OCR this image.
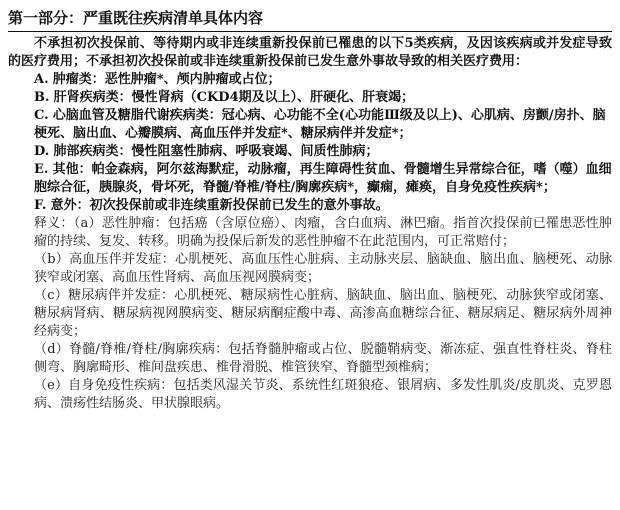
第一部分：严重既往疾病清单具体内容

不承担初次投保前、等待期内或非连续重新投保前已罹患的以下5类疾病，及因该疾病或并发症导致的医疗费用；不承担初次投保前或非连续重新投保前已发生意外事故导致的相关医疗费用：

A. 肿瘤类：恶性肿瘤*、颅内肿瘤或占位；
B. 肝肾疾病类：慢性肾病（CKD4期及以上）、肝硬化、肝衰竭；
C. 心脑血管及糖脂代谢疾病类：冠心病、心功能不全(心功能Ⅲ级及以上)、心肌病、房颤/房扑、脑梗死、脑出血、心瓣膜病、高血压伴并发症*、糖尿病伴并发症*；
D. 肺部疾病类：慢性阻塞性肺病、呼吸衰竭、间质性肺病；
E. 其他：帕金森病，阿尔兹海默症，动脉瘤，再生障碍性贫血、骨髓增生异常综合征，嗜（噬）血细胞综合征，胰腺炎，骨坏死，脊髓/脊椎/脊柱/胸廓疾病*，癫痫，瘫痪，自身免疫性疾病*；
F. 意外：初次投保前或非连续重新投保前已发生的意外事故。

释义：（a）恶性肿瘤：包括癌（含原位癌）、肉瘤，含白血病、淋巴瘤。指首次投保前已罹患恶性肿瘤的持续、复发、转移。明确为投保后新发的恶性肿瘤不在此范围内，可正常赔付；

（b）高血压伴并发症：心肌梗死、高血压性心脏病、主动脉夹层、脑缺血、脑出血、脑梗死、动脉狭窄或闭塞、高血压性肾病、高血压视网膜病变；

（c）糖尿病伴并发症：心肌梗死、糖尿病性心脏病、脑缺血、脑出血、脑梗死、动脉狭窄或闭塞、糖尿病肾病、糖尿病视网膜病变、糖尿病酮症酸中毒、高渗高血糖综合征、糖尿病足、糖尿病外周神经病变；

（d）脊髓/脊椎/脊柱/胸廓疾病：包括脊髓肿瘤或占位、脱髓鞘病变、渐冻症、强直性脊柱炎、脊柱侧弯、胸廓畸形、椎间盘疾患、椎骨滑脱、椎管狭窄、脊髓型颈椎病；

（e）自身免疫性疾病：包括类风湿关节炎、系统性红斑狼疮、银屑病、多发性肌炎/皮肌炎、克罗恩病、溃疡性结肠炎、甲状腺眼病。
